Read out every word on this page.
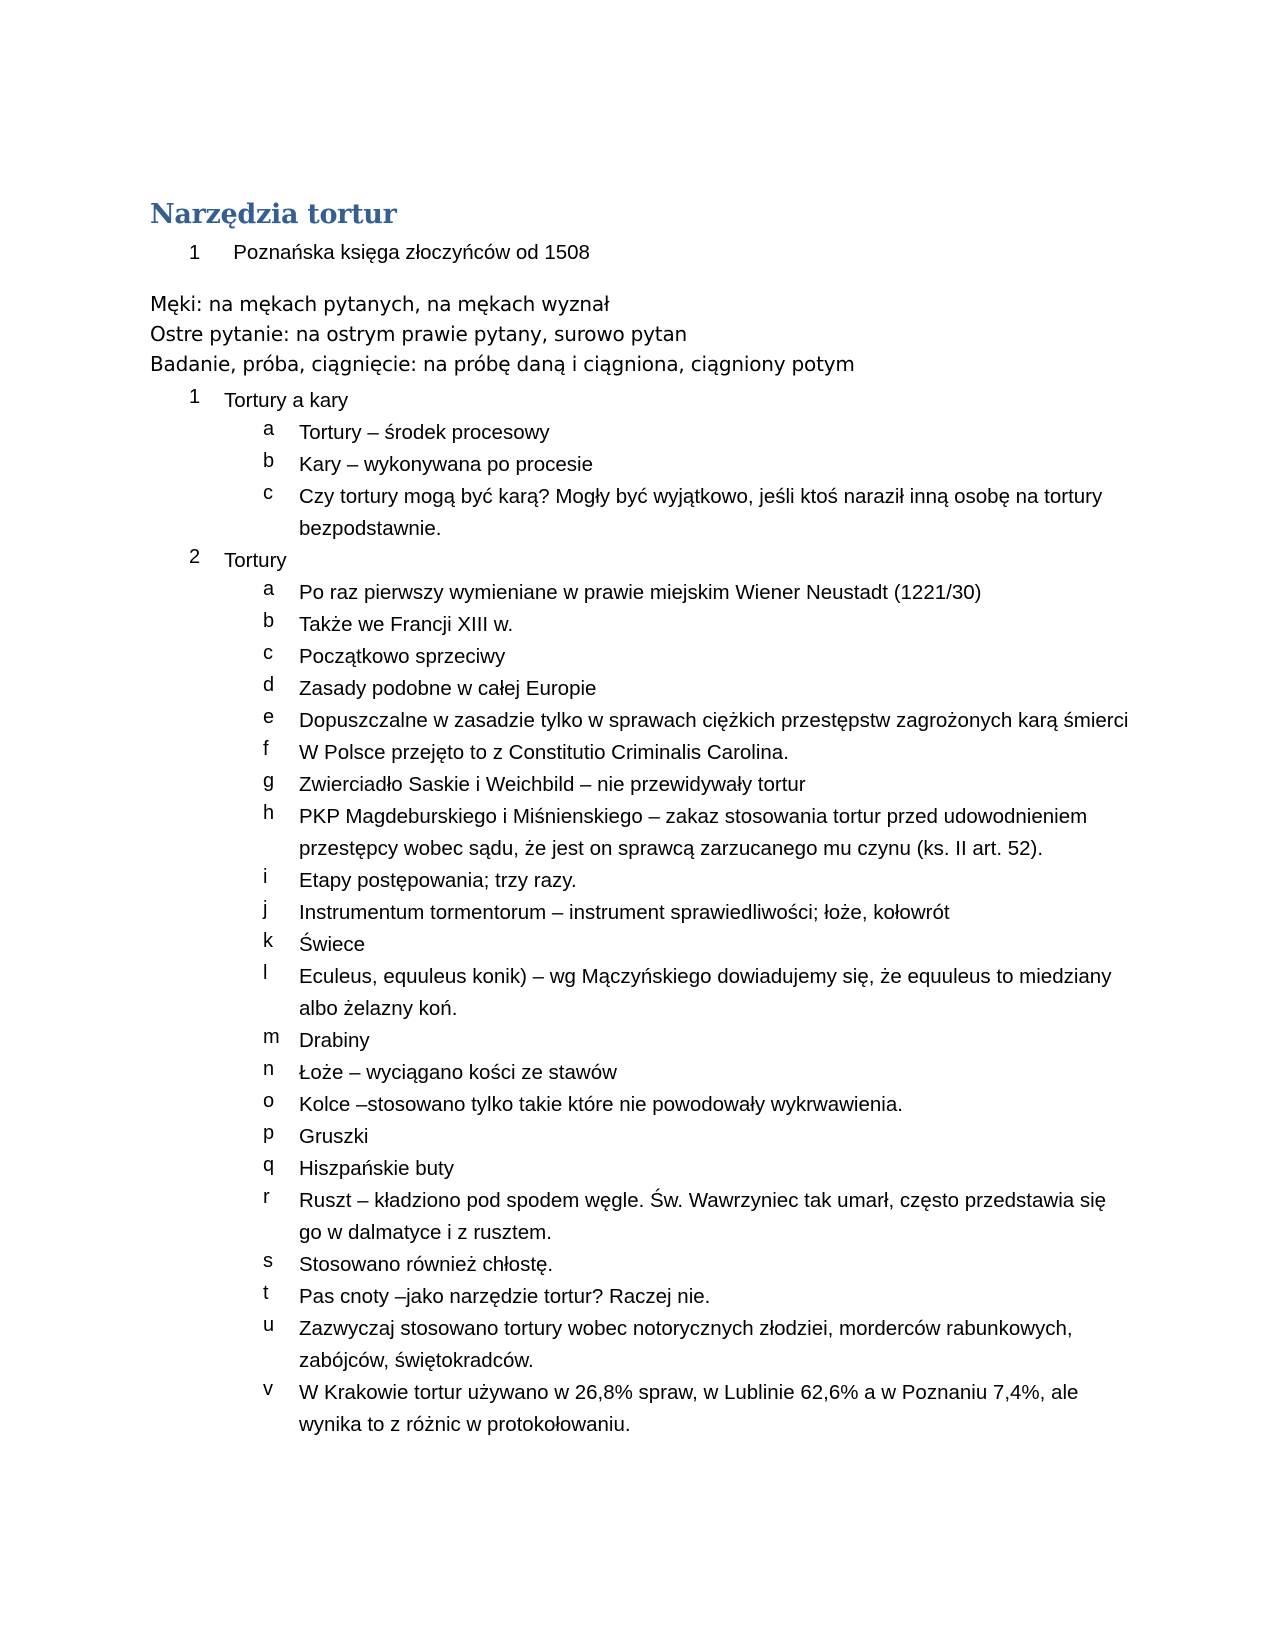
Narzędzia tortur
1 Poznańska księga złoczyńców od 1508
Męki: na mękach pytanych, na mękach wyznał
Ostre pytanie: na ostrym prawie pytany, surowo pytan
Badanie, próba, ciągnięcie: na próbę daną i ciągniona, ciągniony potym
1 Tortury a kary
a Tortury – środek procesowy
b Kary – wykonywana po procesie
c Czy tortury mogą być karą? Mogły być wyjątkowo, jeśli ktoś naraził inną osobę na tortury bezpodstawnie.
2 Tortury
a Po raz pierwszy wymieniane w prawie miejskim Wiener Neustadt (1221/30)
b Także we Francji XIII w.
c Początkowo sprzeciwy
d Zasady podobne w całej Europie
e Dopuszczalne w zasadzie tylko w sprawach ciężkich przestępstw zagrożonych karą śmierci
f W Polsce przejęto to z Constitutio Criminalis Carolina.
g Zwierciadło Saskie i Weichbild – nie przewidywały tortur
h PKP Magdeburskiego i Miśnienskiego – zakaz stosowania tortur przed udowodnieniem przestępcy wobec sądu, że jest on sprawcą zarzucanego mu czynu (ks. II art. 52).
i Etapy postępowania; trzy razy.
j Instrumentum tormentorum – instrument sprawiedliwości; łoże, kołowrót
k Świece
l Eculeus, equuleus konik) – wg Mączyńskiego dowiadujemy się, że equuleus to miedziany albo żelazny koń.
m Drabiny
n Łoże – wyciągano kości ze stawów
o Kolce –stosowano tylko takie które nie powodowały wykrwawienia.
p Gruszki
q Hiszpańskie buty
r Ruszt – kładziono pod spodem węgle. Św. Wawrzyniec tak umarł, często przedstawia się go w dalmatyce i z rusztem.
s Stosowano również chłostę.
t Pas cnoty –jako narzędzie tortur? Raczej nie.
u Zazwyczaj stosowano tortury wobec notorycznych złodziei, morderców rabunkowych, zabójców, świętokradców.
v W Krakowie tortur używano w 26,8% spraw, w Lublinie 62,6% a w Poznaniu 7,4%, ale wynika to z różnic w protokołowaniu.
